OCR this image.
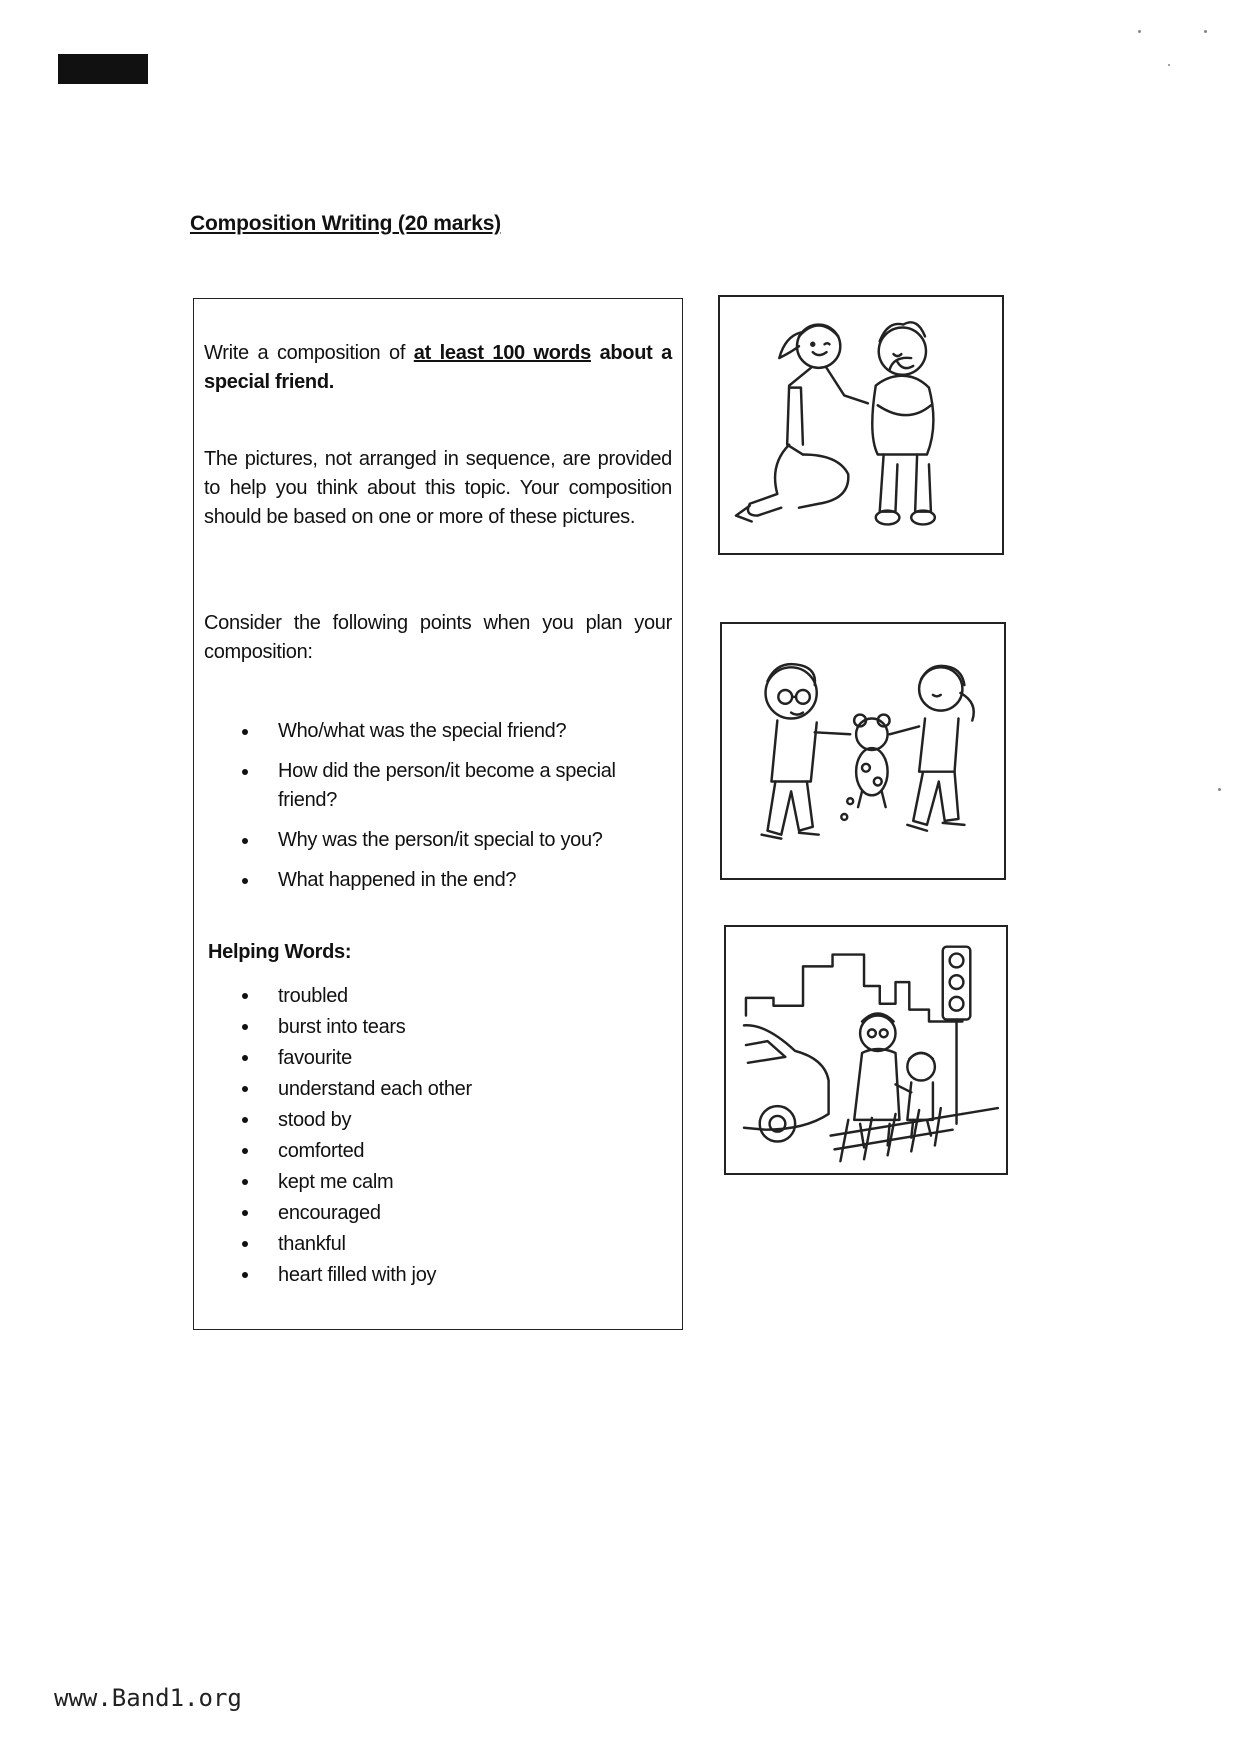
Composition Writing (20 marks)
Write a composition of at least 100 words about a special friend.
The pictures, not arranged in sequence, are provided to help you think about this topic. Your composition should be based on one or more of these pictures.
Consider the following points when you plan your composition:
Who/what was the special friend?
How did the person/it become a special friend?
Why was the person/it special to you?
What happened in the end?
Helping Words:
troubled
burst into tears
favourite
understand each other
stood by
comforted
kept me calm
encouraged
thankful
heart filled with joy
www.Band1.org
